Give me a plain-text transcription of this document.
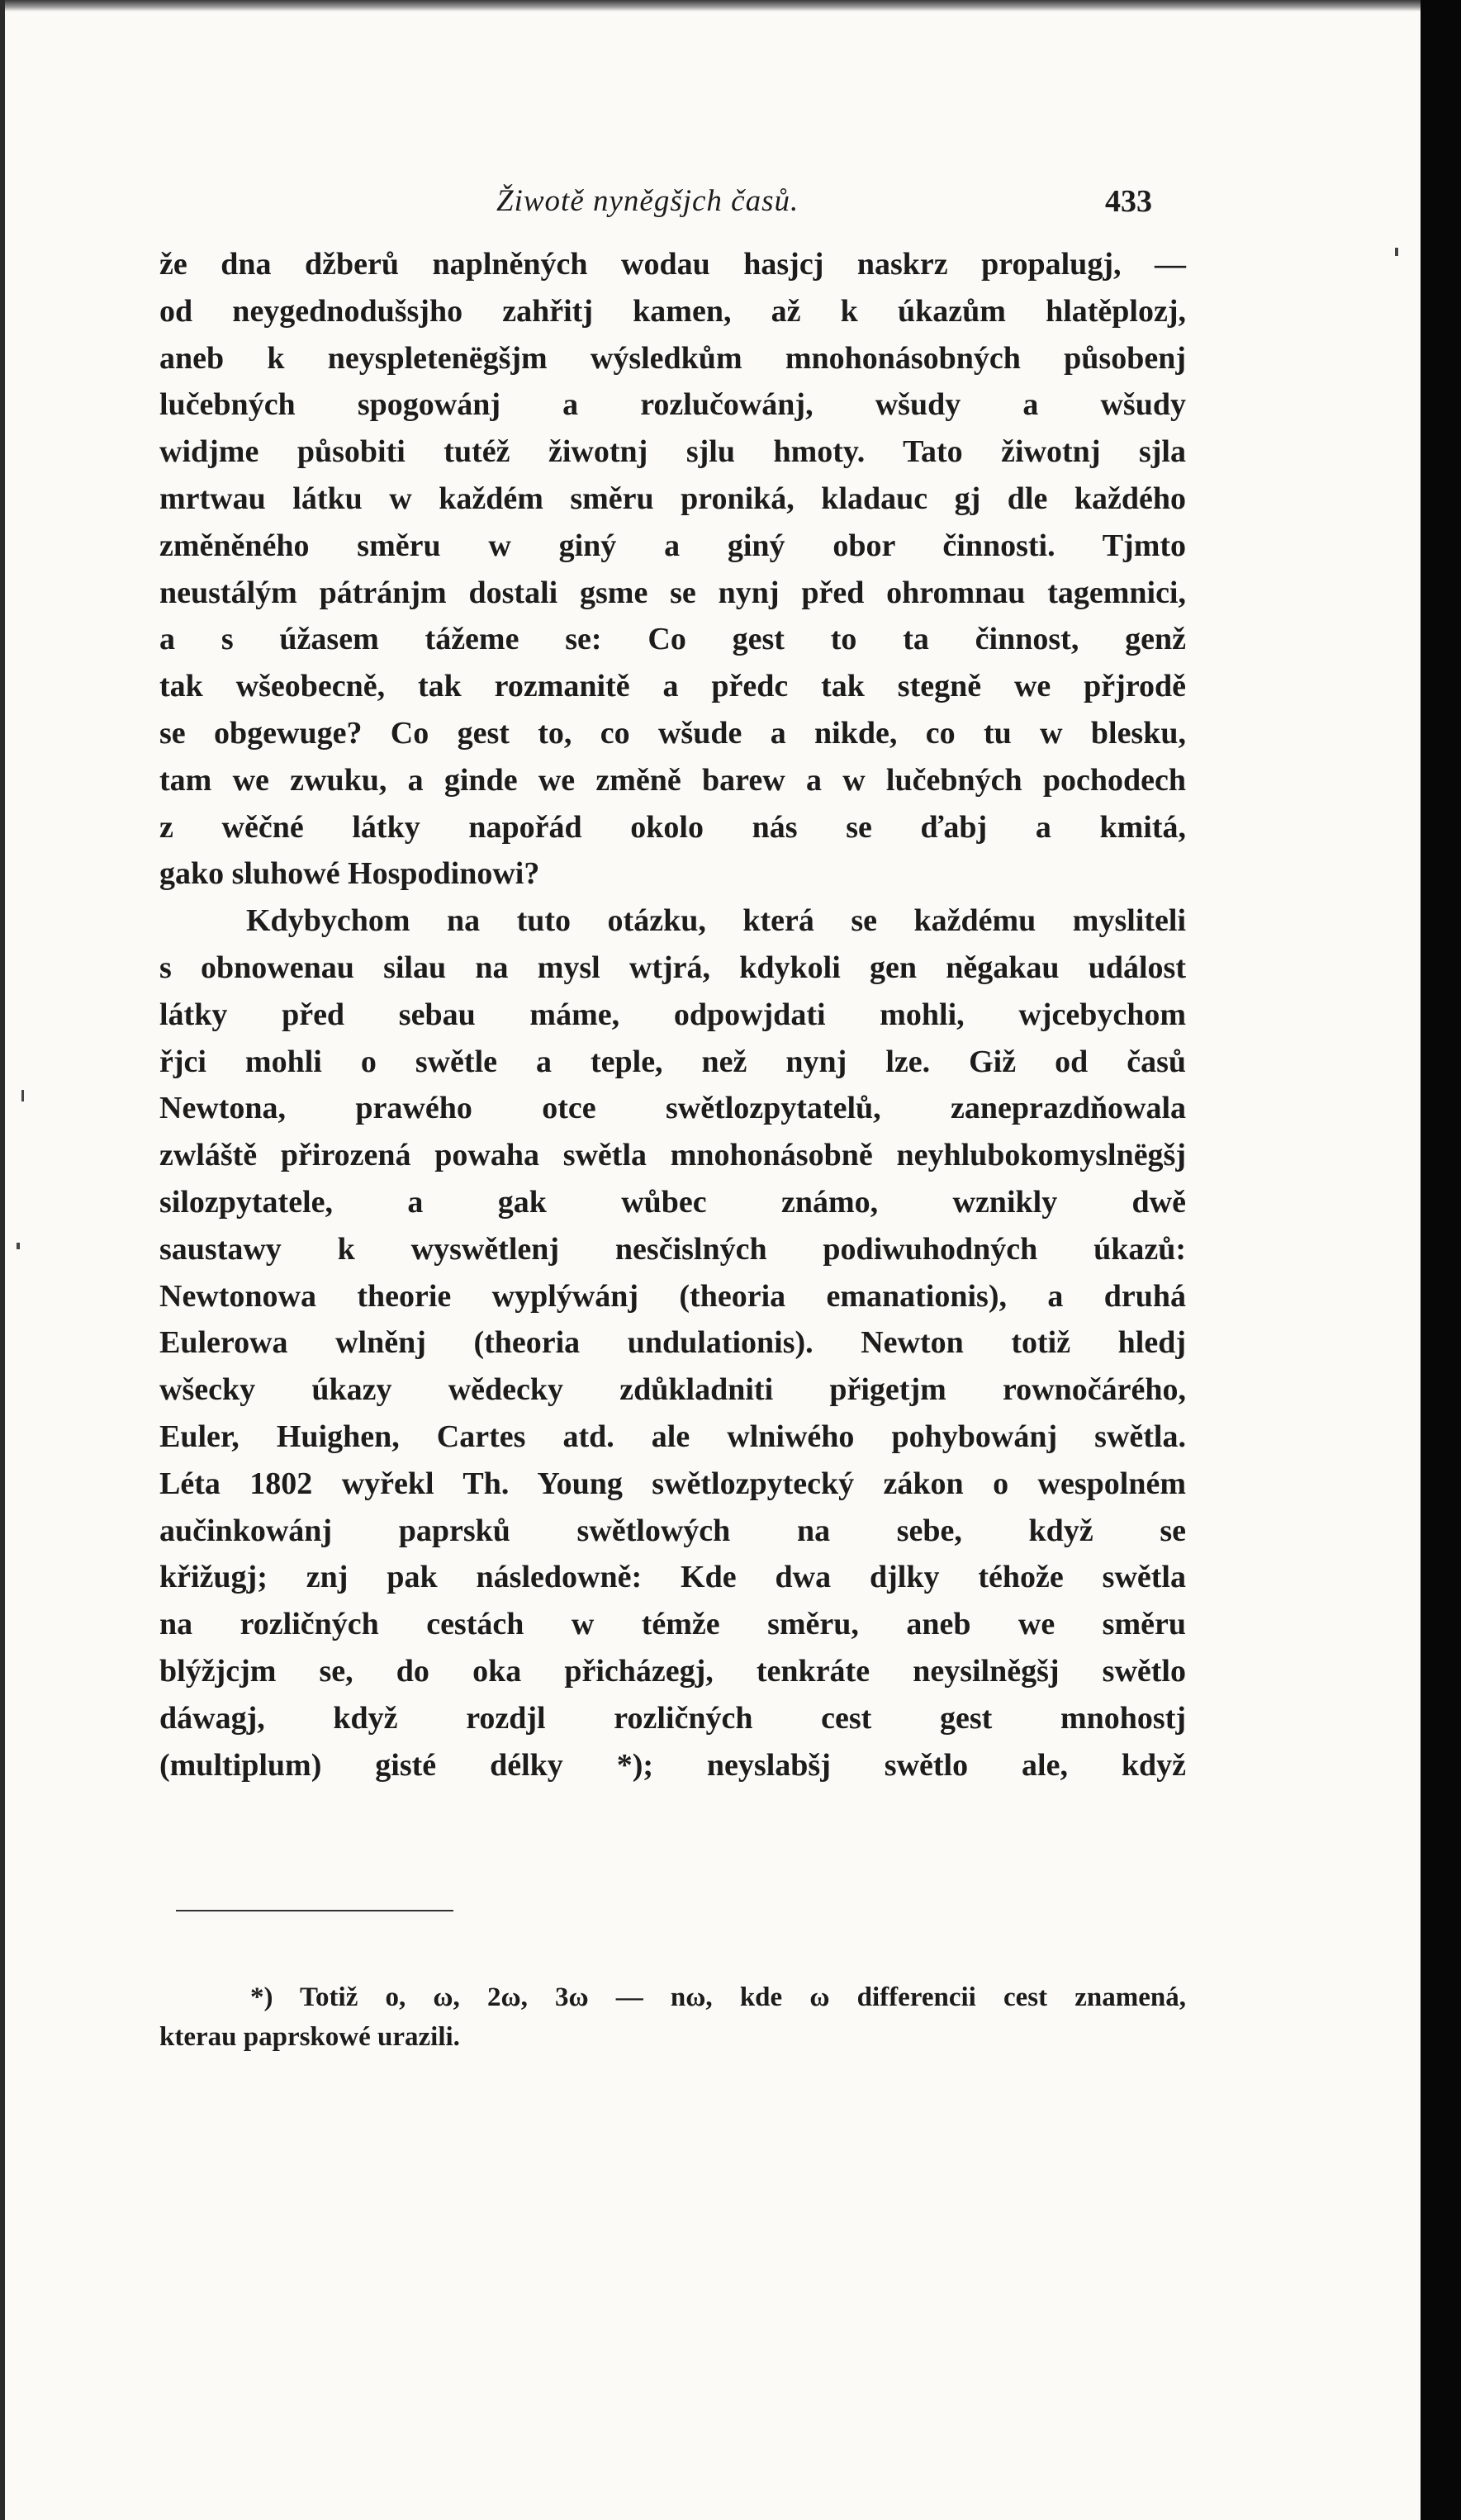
Žiwotě nyněgšjch časů.	433
že dna džberů naplněných wodau hasjcj naskrz propalugj, —
od neygednodušsjho zahřitj kamen, až k úkazům hlatěplozj,
aneb k neyspletenëgšjm wýsledkům mnohonásobných působenj
lučebných spogowánj a rozlučowánj, wšudy a wšudy
widjme působiti tutéž žiwotnj sjlu hmoty. Tato žiwotnj sjla
mrtwau látku w každém směru proniká, kladauc gj dle každého
změněného směru w giný a giný obor činnosti. Tjmto
neustálým pátránjm dostali gsme se nynj před ohromnau tagemnici,
a s úžasem tážeme se: Co gest to ta činnost, genž
tak wšeobecně, tak rozmanitě a předc tak stegně we přjrodě
se obgewuge? Co gest to, co wšude a nikde, co tu w blesku,
tam we zwuku, a ginde we změně barew a w lučebných pochodech
z wěčné látky napořád okolo nás se ďabj a kmitá,
gako sluhowé Hospodinowi?
Kdybychom na tuto otázku, která se každému mysliteli
s obnowenau silau na mysl wtjrá, kdykoli gen něgakau událost
látky před sebau máme, odpowjdati mohli, wjcebychom
řjci mohli o swětle a teple, než nynj lze. Giž od časů
Newtona, prawého otce swětlozpytatelů, zaneprazdňowala
zwláště přirozená powaha swětla mnohonásobně neyhlubokomyslnëgšj
silozpytatele, a gak wůbec známo, wznikly dwě
saustawy k wyswětlenj nesčislných podiwuhodných úkazů:
Newtonowa theorie wyplýwánj (theoria emanationis), a druhá
Eulerowa wlněnj (theoria undulationis). Newton totiž hledj
wšecky úkazy wědecky zdůkladniti přigetjm rownočárého,
Euler, Huighen, Cartes atd. ale wlniwého pohybowánj swětla.
Léta 1802 wyřekl Th. Young swětlozpytecký zákon o wespolném
aučinkowánj paprsků swětlowých na sebe, když se
křižugj; znj pak následowně: Kde dwa djlky téhože swětla
na rozličných cestách w témže směru, aneb we směru
blýžjcjm se, do oka přicházegj, tenkráte neysilněgšj swětlo
dáwagj, když rozdjl rozličných cest gest mnohostj
(multiplum) gisté délky *); neyslabšj swětlo ale, když
*) Totiž o, ω, 2ω, 3ω — nω, kde ω differencii cest znamená,
kterau paprskowé urazili.
